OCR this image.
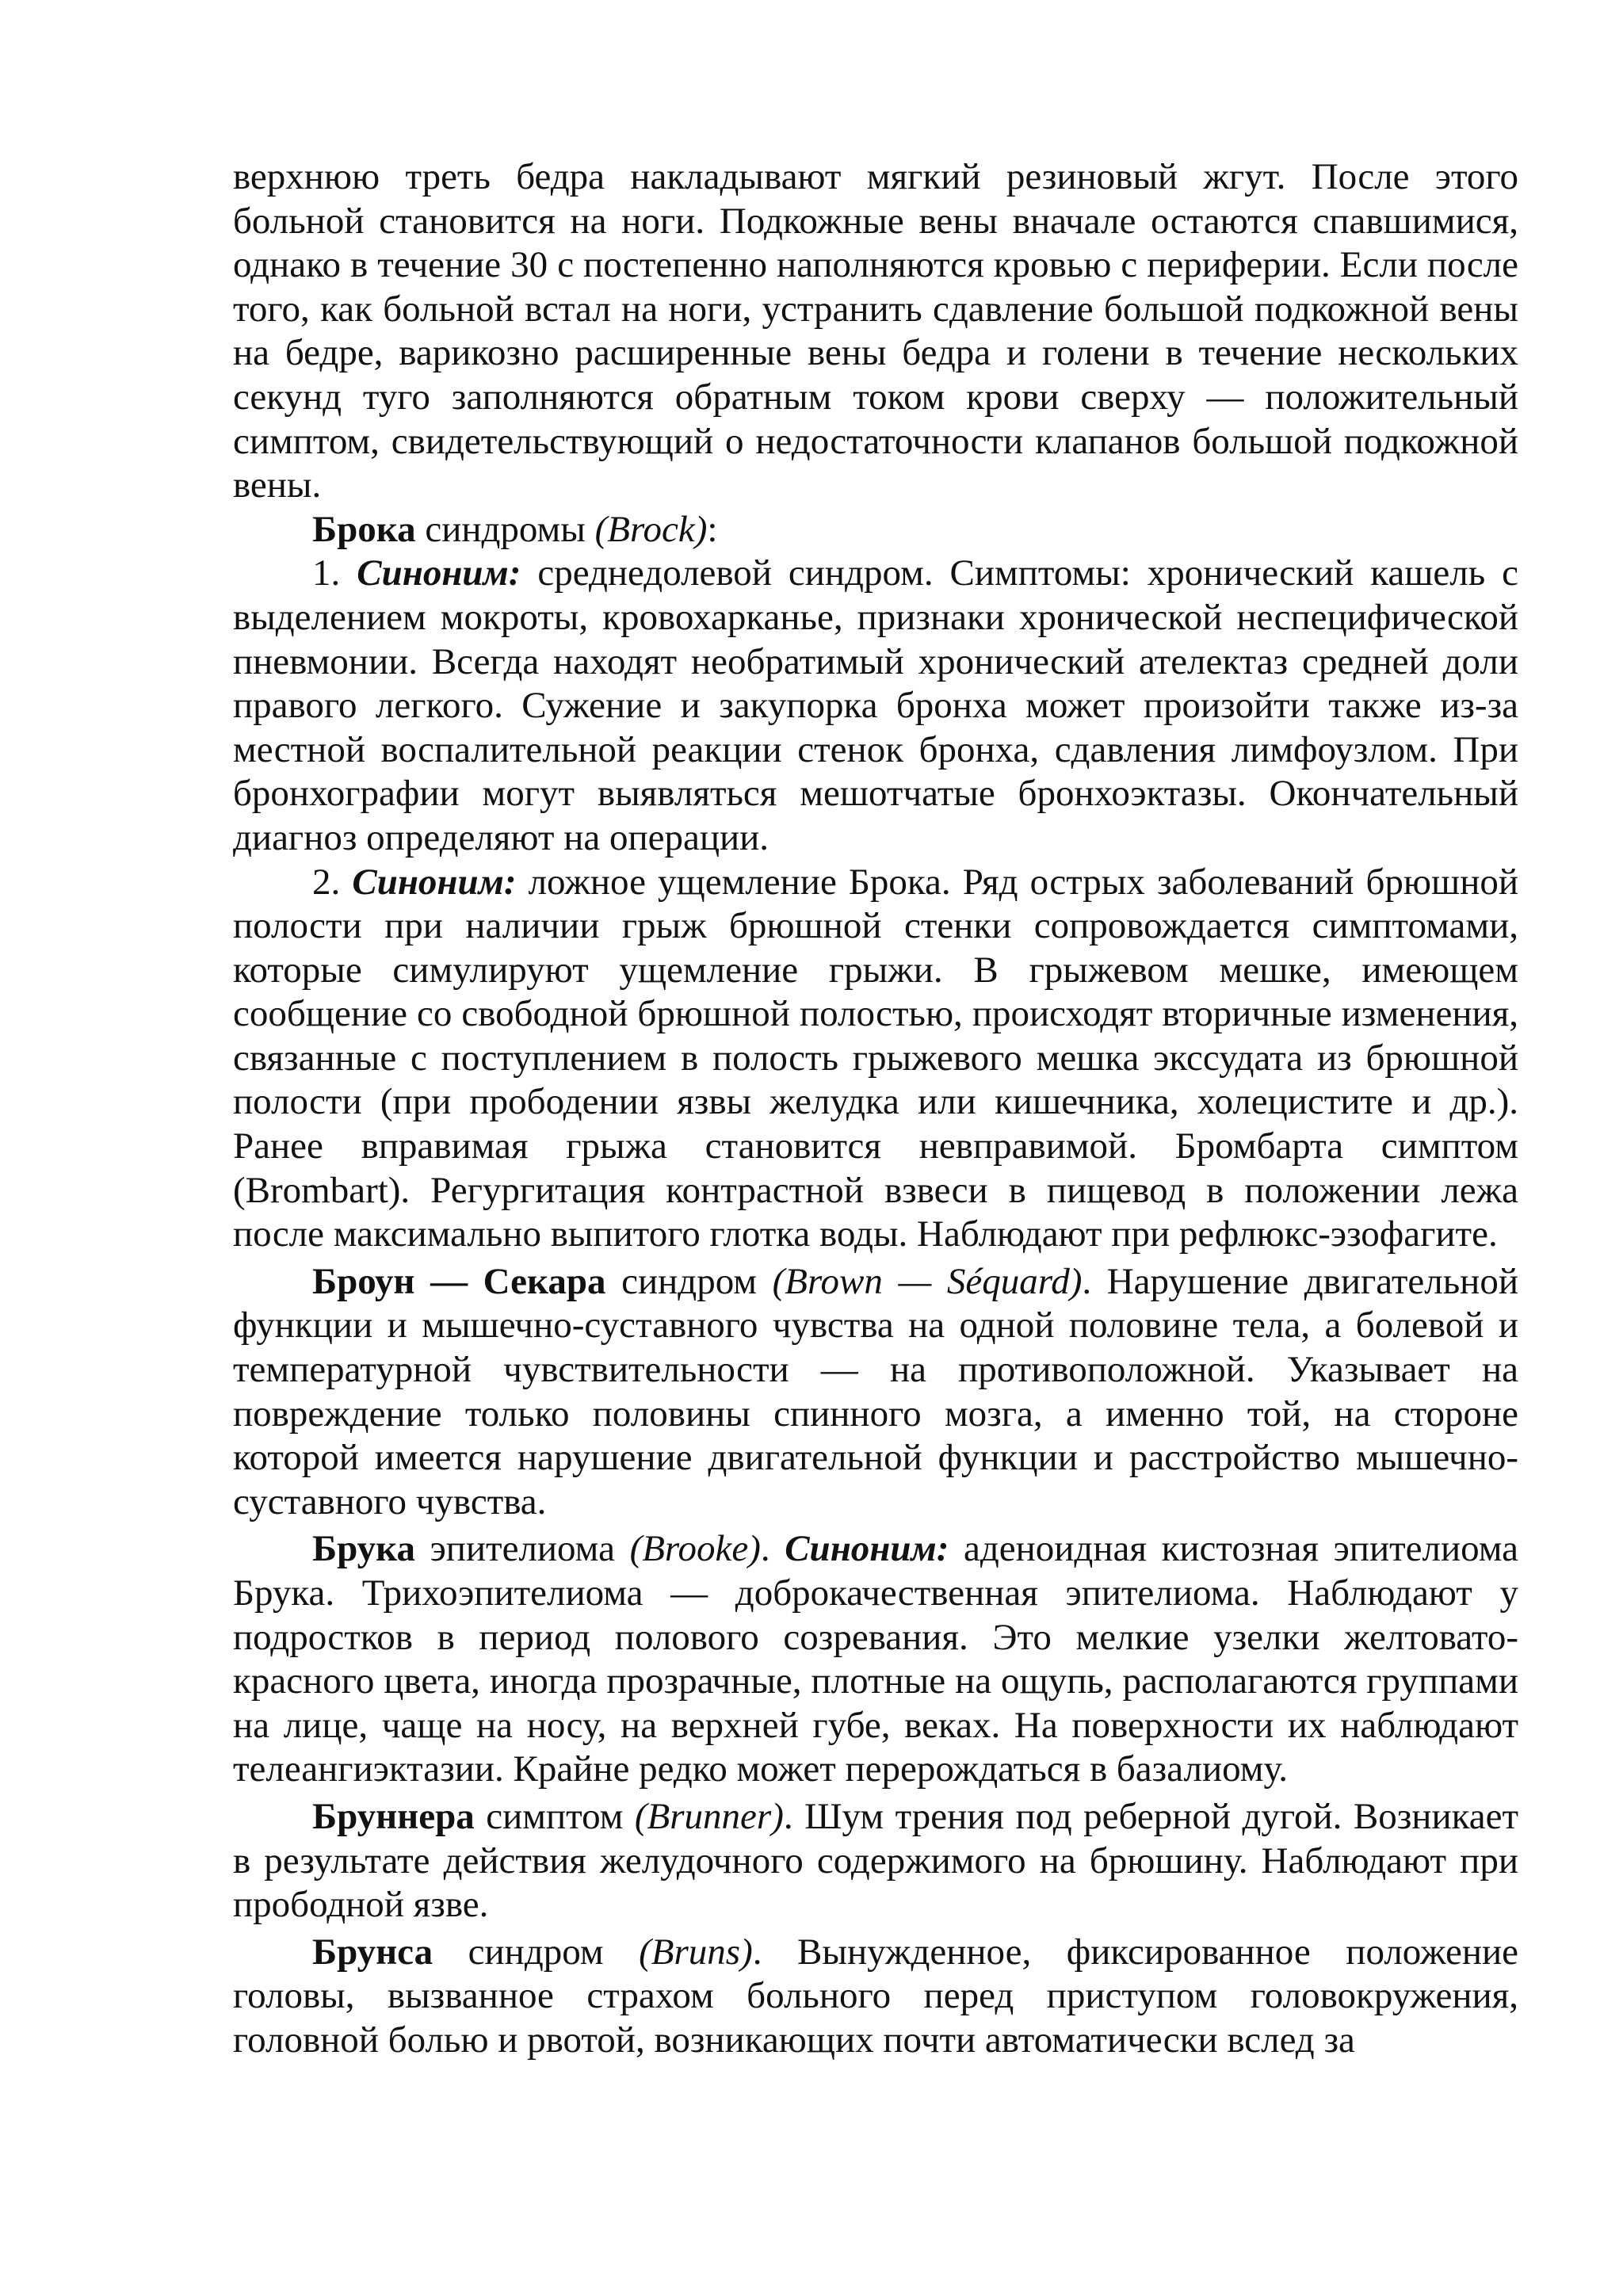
верхнюю треть бедра накладывают мягкий резиновый жгут. После этого больной становится на ноги. Подкожные вены вначале остаются спавшимися, однако в течение 30 с постепенно наполняются кровью с периферии. Если после того, как больной встал на ноги, устранить сдавление большой подкожной вены на бедре, варикозно расширенные вены бедра и голени в течение нескольких секунд туго заполняются обратным током крови сверху — положительный симптом, свидетельствующий о недостаточности клапанов большой подкожной вены.

Брока синдромы (Brock):

1. Синоним: среднедолевой синдром. Симптомы: хронический кашель с выделением мокроты, кровохарканье, признаки хронической неспецифической пневмонии. Всегда находят необратимый хронический ателектаз средней доли правого легкого. Сужение и закупорка бронха может произойти также из-за местной воспалительной реакции стенок бронха, сдавления лимфоузлом. При бронхографии могут выявляться мешотчатые бронхоэктазы. Окончательный диагноз определяют на операции.

2. Синоним: ложное ущемление Брока. Ряд острых заболеваний брюшной полости при наличии грыж брюшной стенки сопровождается симптомами, которые симулируют ущемление грыжи. В грыжевом мешке, имеющем сообщение со свободной брюшной полостью, происходят вторичные изменения, связанные с поступлением в полость грыжевого мешка экссудата из брюшной полости (при прободении язвы желудка или кишечника, холецистите и др.). Ранее вправимая грыжа становится невправимой. Бромбарта симптом (Brombart). Регургитация контрастной взвеси в пищевод в положении лежа после максимально выпитого глотка воды. Наблюдают при рефлюкс-эзофагите.

Броун — Секара синдром (Brown — Séquard). Нарушение двигательной функции и мышечно-суставного чувства на одной половине тела, а болевой и температурной чувствительности — на противоположной. Указывает на повреждение только половины спинного мозга, а именно той, на стороне которой имеется нарушение двигательной функции и расстройство мышечно-суставного чувства.

Брука эпителиома (Brooke). Синоним: аденоидная кистозная эпителиома Брука. Трихоэпителиома — доброкачественная эпителиома. Наблюдают у подростков в период полового созревания. Это мелкие узелки желтовато-красного цвета, иногда прозрачные, плотные на ощупь, располагаются группами на лице, чаще на носу, на верхней губе, веках. На поверхности их наблюдают телеангиэктазии. Крайне редко может перерождаться в базалиому.

Бруннера симптом (Brunner). Шум трения под реберной дугой. Возникает в результате действия желудочного содержимого на брюшину. Наблюдают при прободной язве.

Брунса синдром (Bruns). Вынужденное, фиксированное положение головы, вызванное страхом больного перед приступом головокружения, головной болью и рвотой, возникающих почти автоматически вслед за
